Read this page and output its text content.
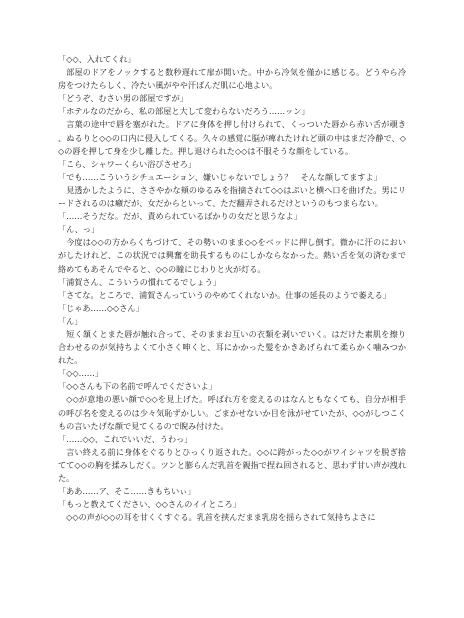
「◇◇、入れてくれ」

部屋のドアをノックすると数秒遅れて扉が開いた。中から冷気を僅かに感じる。どうやら冷房をつけたらしく、冷たい風がやや汗ばんだ肌に心地よい。

「どうぞ、むさい男の部屋ですが」

「ホテルなのだから、私の部屋と大して変わらないだろう……ッン」

言葉の途中で唇を塞がれた。ドアに身体を押し付けられて、くっついた唇から赤い舌が覗き、ぬるりと◇◇の口内に侵入してくる。久々の感覚に脳が痺れたけれど頭の中はまだ冷静で、◇◇の唇を押して身を少し離した。押し退けられた◇◇は不服そうな顔をしている。

「こら、シャワーくらい浴びさせろ」

「でも……こういうシチュエーション、嫌いじゃないでしょう？　そんな顔してますよ」

見透かしたように、ささやかな頬のゆるみを指摘されて◇◇はぷいと横へ口を曲げた。男にリードされるのは癪だが、女だからといって、ただ翻弄されるだけというのもつまらない。

「……そうだな。だが、責められているばかりの女だと思うなよ」

「ん、っ」

今度は◇◇の方からくちづけて、その勢いのまま◇◇をベッドに押し倒す。微かに汗のにおいがしたけれど、この状況では興奮を助長するものにしかならなかった。熱い舌を気の済むまで絡めてもあそんでやると、◇◇の瞳にじわりと火が灯る。

「浦賀さん、こういうの慣れてるでしょう」

「さてな。ところで、浦賀さんっていうのやめてくれないか。仕事の延長のようで萎える」

「じゃあ……◇◇さん」

「ん」

短く頷くとまた唇が触れ合って、そのままお互いの衣類を剥いでいく。はだけた素肌を擦り合わせるのが気持ちよくて小さく呻くと、耳にかかった髪をかきあげられて柔らかく噛みつかれた。

「◇◇……」

「◇◇さんも下の名前で呼んでくださいよ」

◇◇が意地の悪い顔で◇◇を見上げた。呼ばれ方を変えるのはなんともなくても、自分が相手の呼び名を変えるのは少々気恥ずかしい。ごまかせないか目を泳がせていたが、◇◇がしつこくもの言いたげな顔で見てくるので睨み付けた。

「……◇◇、これでいいだ、うわっ」

言い終える前に身体をぐるりとひっくり返された。◇◇に跨がった◇◇がワイシャツを脱ぎ捨てて◇◇の胸を揉みしだく。ツンと膨らんだ乳首を親指で捏ね回されると、思わず甘い声が洩れた。

「ああ……ア、そこ……きもちいぃ」

「もっと教えてください、◇◇さんのイイところ」

◇◇の声が◇◇の耳を甘くくすぐる。乳首を挟んだまま乳房を揺らされて気持ちよさに
